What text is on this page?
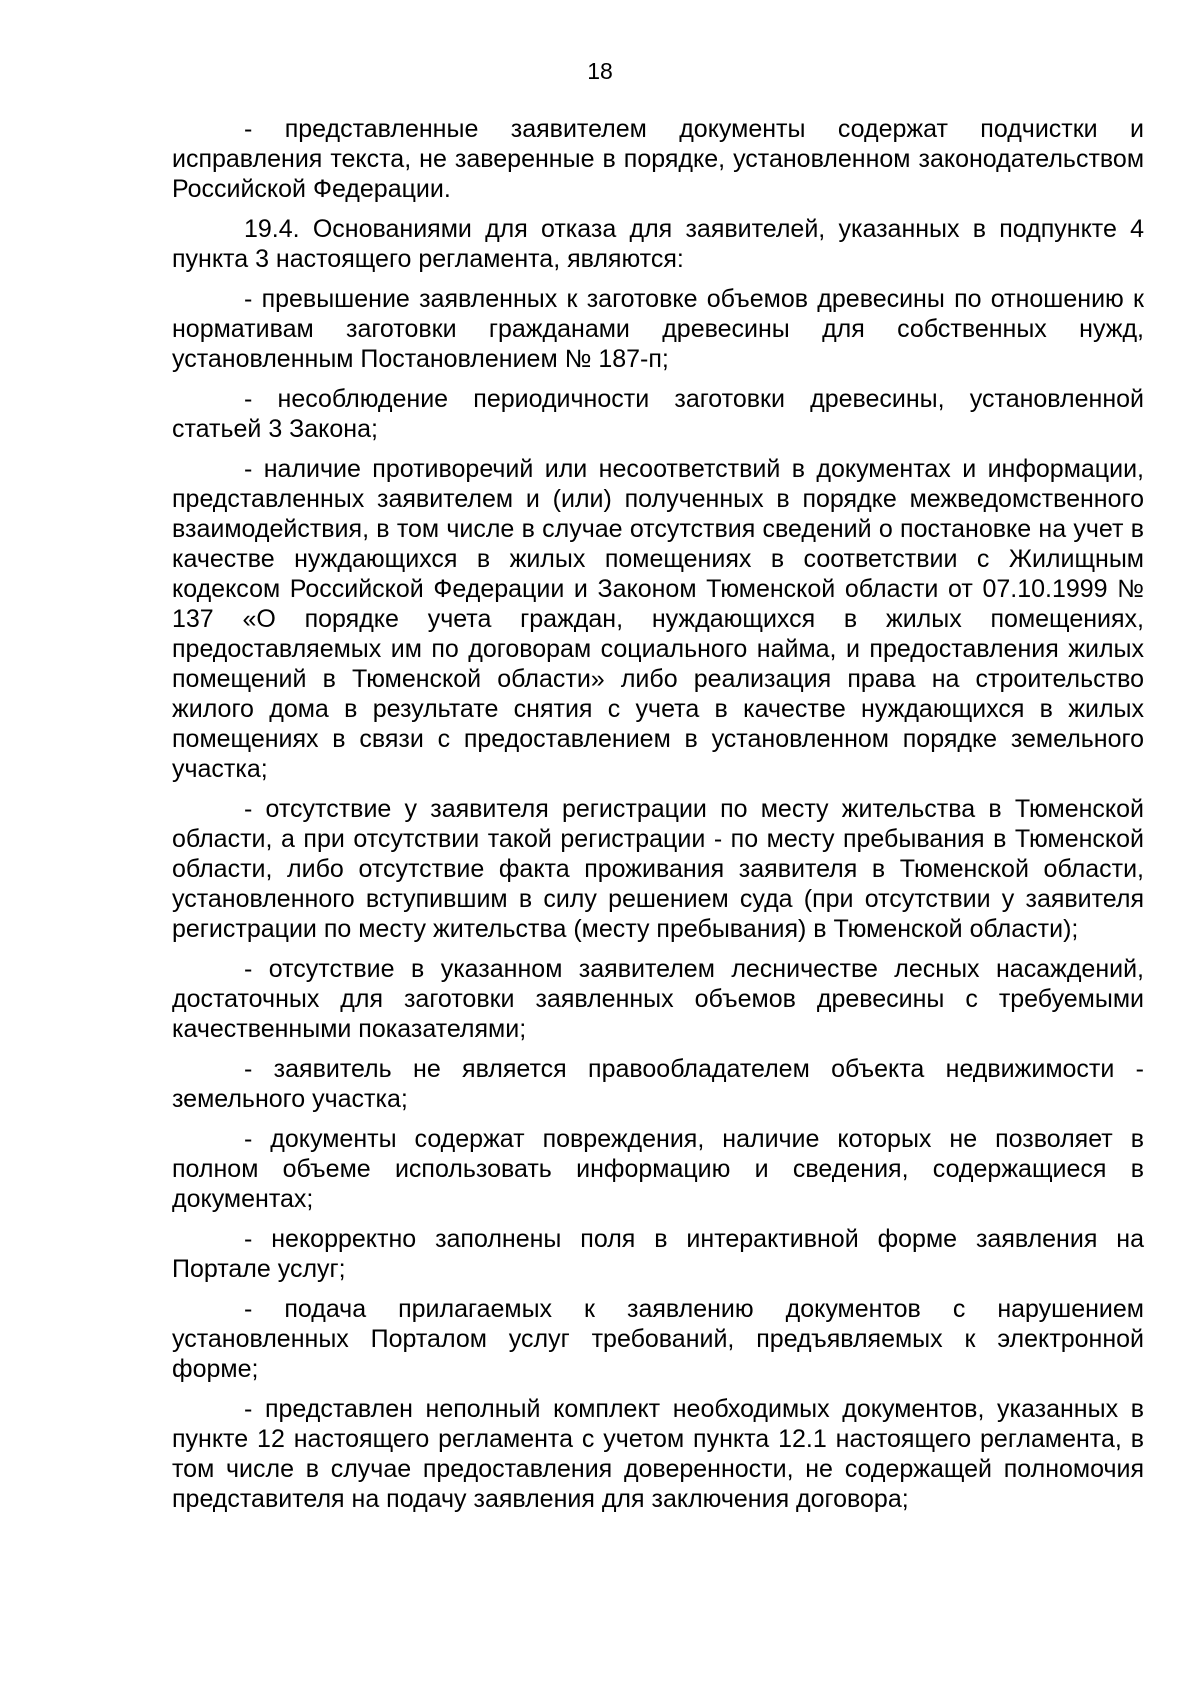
18

- представленные заявителем документы содержат подчистки и исправления текста, не заверенные в порядке, установленном законодательством Российской Федерации.

19.4. Основаниями для отказа для заявителей, указанных в подпункте 4 пункта 3 настоящего регламента, являются:

- превышение заявленных к заготовке объемов древесины по отношению к нормативам заготовки гражданами древесины для собственных нужд, установленным Постановлением № 187-п;

- несоблюдение периодичности заготовки древесины, установленной статьей 3 Закона;

- наличие противоречий или несоответствий в документах и информации, представленных заявителем и (или) полученных в порядке межведомственного взаимодействия, в том числе в случае отсутствия сведений о постановке на учет в качестве нуждающихся в жилых помещениях в соответствии с Жилищным кодексом Российской Федерации и Законом Тюменской области от 07.10.1999 № 137 «О порядке учета граждан, нуждающихся в жилых помещениях, предоставляемых им по договорам социального найма, и предоставления жилых помещений в Тюменской области» либо реализация права на строительство жилого дома в результате снятия с учета в качестве нуждающихся в жилых помещениях в связи с предоставлением в установленном порядке земельного участка;

- отсутствие у заявителя регистрации по месту жительства в Тюменской области, а при отсутствии такой регистрации - по месту пребывания в Тюменской области, либо отсутствие факта проживания заявителя в Тюменской области, установленного вступившим в силу решением суда (при отсутствии у заявителя регистрации по месту жительства (месту пребывания) в Тюменской области);

- отсутствие в указанном заявителем лесничестве лесных насаждений, достаточных для заготовки заявленных объемов древесины с требуемыми качественными показателями;

- заявитель не является правообладателем объекта недвижимости - земельного участка;

- документы содержат повреждения, наличие которых не позволяет в полном объеме использовать информацию и сведения, содержащиеся в документах;

- некорректно заполнены поля в интерактивной форме заявления на Портале услуг;

- подача прилагаемых к заявлению документов с нарушением установленных Порталом услуг требований, предъявляемых к электронной форме;

- представлен неполный комплект необходимых документов, указанных в пункте 12 настоящего регламента с учетом пункта 12.1 настоящего регламента, в том числе в случае предоставления доверенности, не содержащей полномочия представителя на подачу заявления для заключения договора;
